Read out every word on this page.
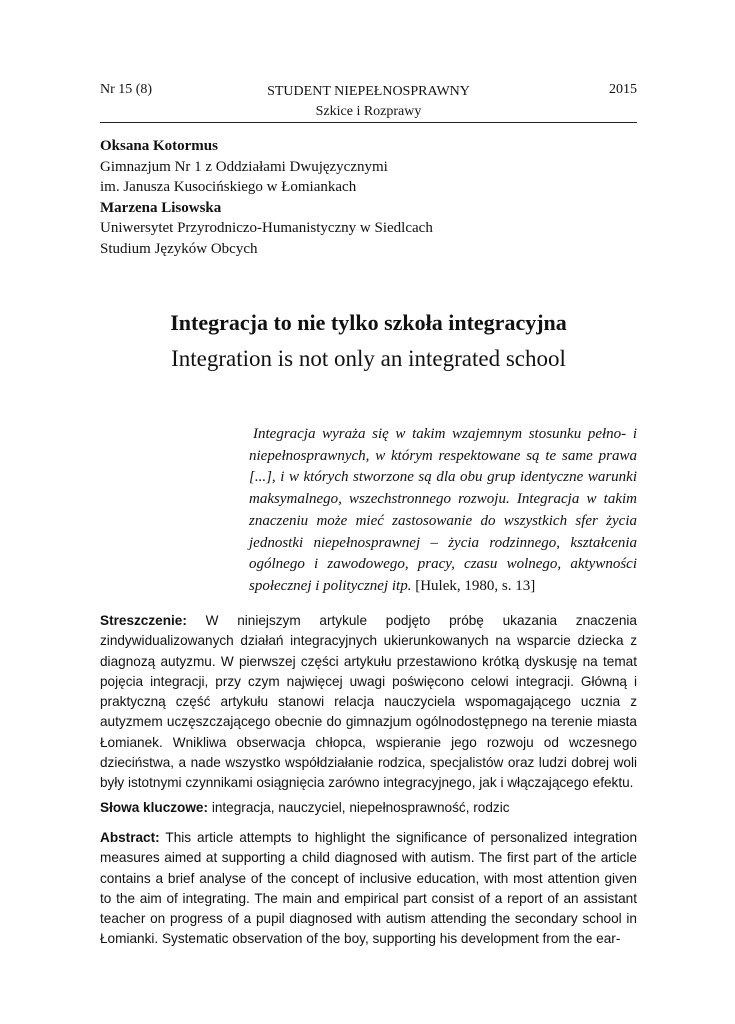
Nr 15 (8)	STUDENT NIEPEŁNOSPRAWNY
Szkice i Rozprawy
2015
Oksana Kotormus
Gimnazjum Nr 1 z Oddziałami Dwujęzycznymi
im. Janusza Kusocińskiego w Łomiankach
Marzena Lisowska
Uniwersytet Przyrodniczo-Humanistyczny w Siedlcach
Studium Języków Obcych
Integracja to nie tylko szkoła integracyjna
Integration is not only an integrated school
Integracja wyraża się w takim wzajemnym stosunku pełno- i niepełnosprawnych, w którym respektowane są te same prawa [...], i w których stworzone są dla obu grup identyczne warunki maksymalnego, wszechstronnego rozwoju. Integracja w takim znaczeniu może mieć zastosowanie do wszystkich sfer życia jednostki niepełnosprawnej – życia rodzinnego, kształcenia ogólnego i zawodowego, pracy, czasu wolnego, aktywności społecznej i politycznej itp. [Hulek, 1980, s. 13]
Streszczenie: W niniejszym artykule podjęto próbę ukazania znaczenia zindywidualizowanych działań integracyjnych ukierunkowanych na wsparcie dziecka z diagnozą autyzmu. W pierwszej części artykułu przestawiono krótką dyskusję na temat pojęcia integracji, przy czym najwięcej uwagi poświęcono celowi integracji. Główną i praktyczną część artykułu stanowi relacja nauczyciela wspomagającego ucznia z autyzmem uczęszczającego obecnie do gimnazjum ogólnodostępnego na terenie miasta Łomianek. Wnikliwa obserwacja chłopca, wspieranie jego rozwoju od wczesnego dzieciństwa, a nade wszystko współdziałanie rodzica, specjalistów oraz ludzi dobrej woli były istotnymi czynnikami osiągnięcia zarówno integracyjnego, jak i włączającego efektu.
Słowa kluczowe: integracja, nauczyciel, niepełnosprawność, rodzic
Abstract: This article attempts to highlight the significance of personalized integration measures aimed at supporting a child diagnosed with autism. The first part of the article contains a brief analyse of the concept of inclusive education, with most attention given to the aim of integrating. The main and empirical part consist of a report of an assistant teacher on progress of a pupil diagnosed with autism attending the secondary school in Łomianki. Systematic observation of the boy, supporting his development from the ear-
